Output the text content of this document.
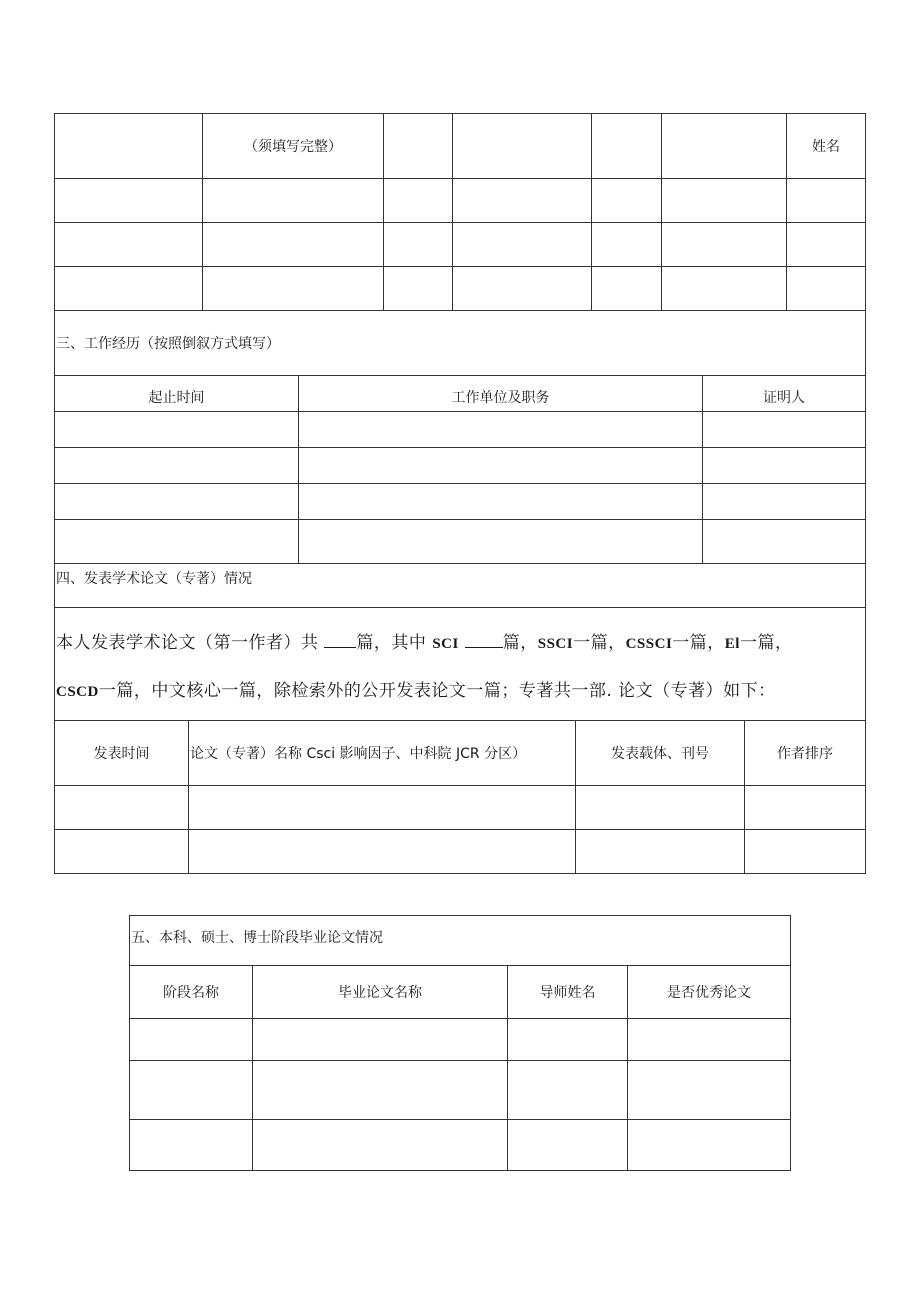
	（须填写完整）					姓名

三、工作经历（按照倒叙方式填写）		
起止时间	工作单位及职务	证明人

四、发表学术论文（专著）情况			

本人发表学术论文（第一作者）共 篇，其中 SCI 篇，SSCI一篇，CSSCI一篇，El一篇，
CSCD一篇，中文核心一篇，除检索外的公开发表论文一篇；专著共一部. 论文（专著）如下：			

发表时间	论文（专著）名称 Csci 影响因子、中科院 JCR 分区）	发表载体、刊号	作者排序

五、本科、硕士、博士阶段毕业论文情况			
阶段名称	毕业论文名称	导师姓名	是否优秀论文
